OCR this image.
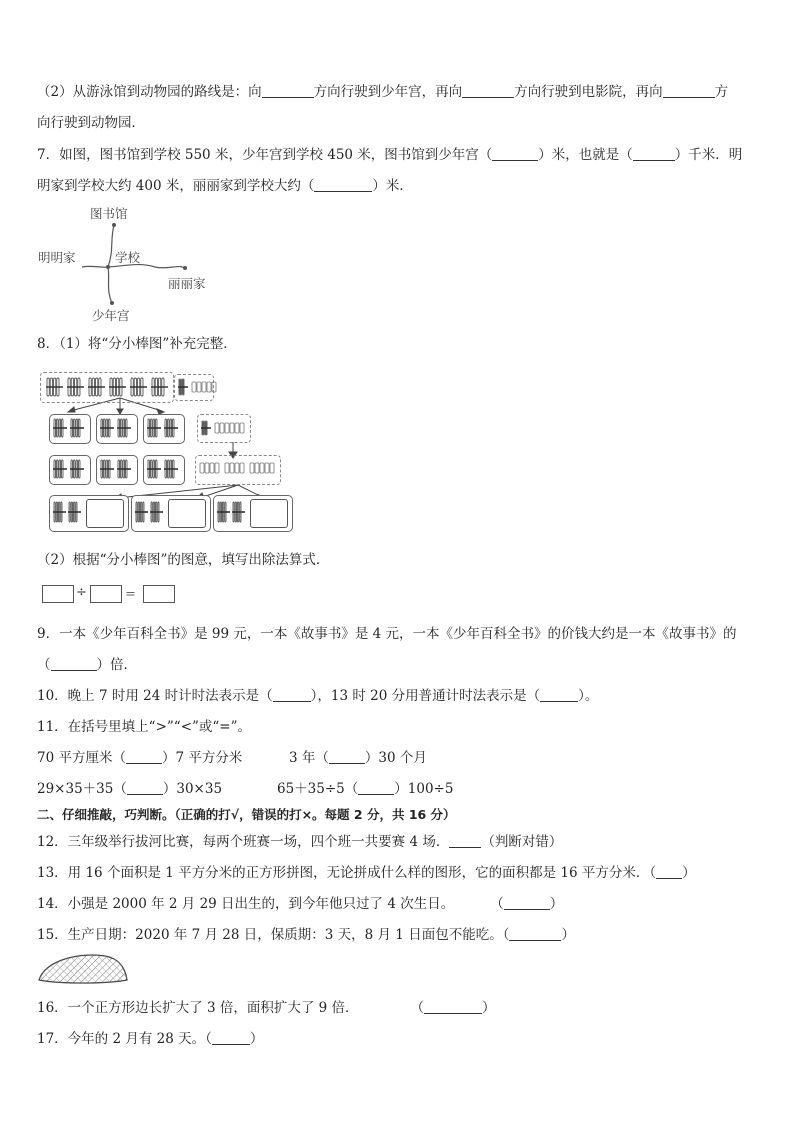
（2）从游泳馆到动物园的路线是：向	方向行驶到少年宫，再向	方向行驶到电影院，再向	方
向行驶到动物园．
7．如图，图书馆到学校 550 米，少年宫到学校 450 米，图书馆到少年宫（	）米，也就是（	）千米．明
明家到学校大约 400 米，丽丽家到学校大约（	）米．
图书馆
明明家	学校
丽丽家
少年宫
8．（1）将“分小棒图”补充完整．
（2）根据“分小棒图”的图意，填写出除法算式．
÷	=
9．一本《少年百科全书》是 99 元，一本《故事书》是 4 元，一本《少年百科全书》的价钱大约是一本《故事书》的
（	）倍．
10．晚上 7 时用 24 时计时法表示是（	），13 时 20 分用普通计时法表示是（	）。
11．在括号里填上“>”“<”或“=”。
70 平方厘米（	）7 平方分米	3 年（	）30 个月
29×35＋35（	）30×35	65＋35÷5（	）100÷5
二、仔细推敲，巧判断。（正确的打√，错误的打×。每题 2 分，共 16 分）
12．三年级举行拔河比赛，每两个班赛一场，四个班一共要赛 4 场． （判断对错）
13．用 16 个面积是 1 平方分米的正方形拼图，无论拼成什么样的图形，它的面积都是 16 平方分米．（ ）
14．小强是 2000 年 2 月 29 日出生的，到今年他只过了 4 次生日。	（	）
15．生产日期：2020 年 7 月 28 日，保质期：3 天，8 月 1 日面包不能吃。（	）
16．一个正方形边长扩大了 3 倍，面积扩大了 9 倍．	（	）
17．今年的 2 月有 28 天。（	）
